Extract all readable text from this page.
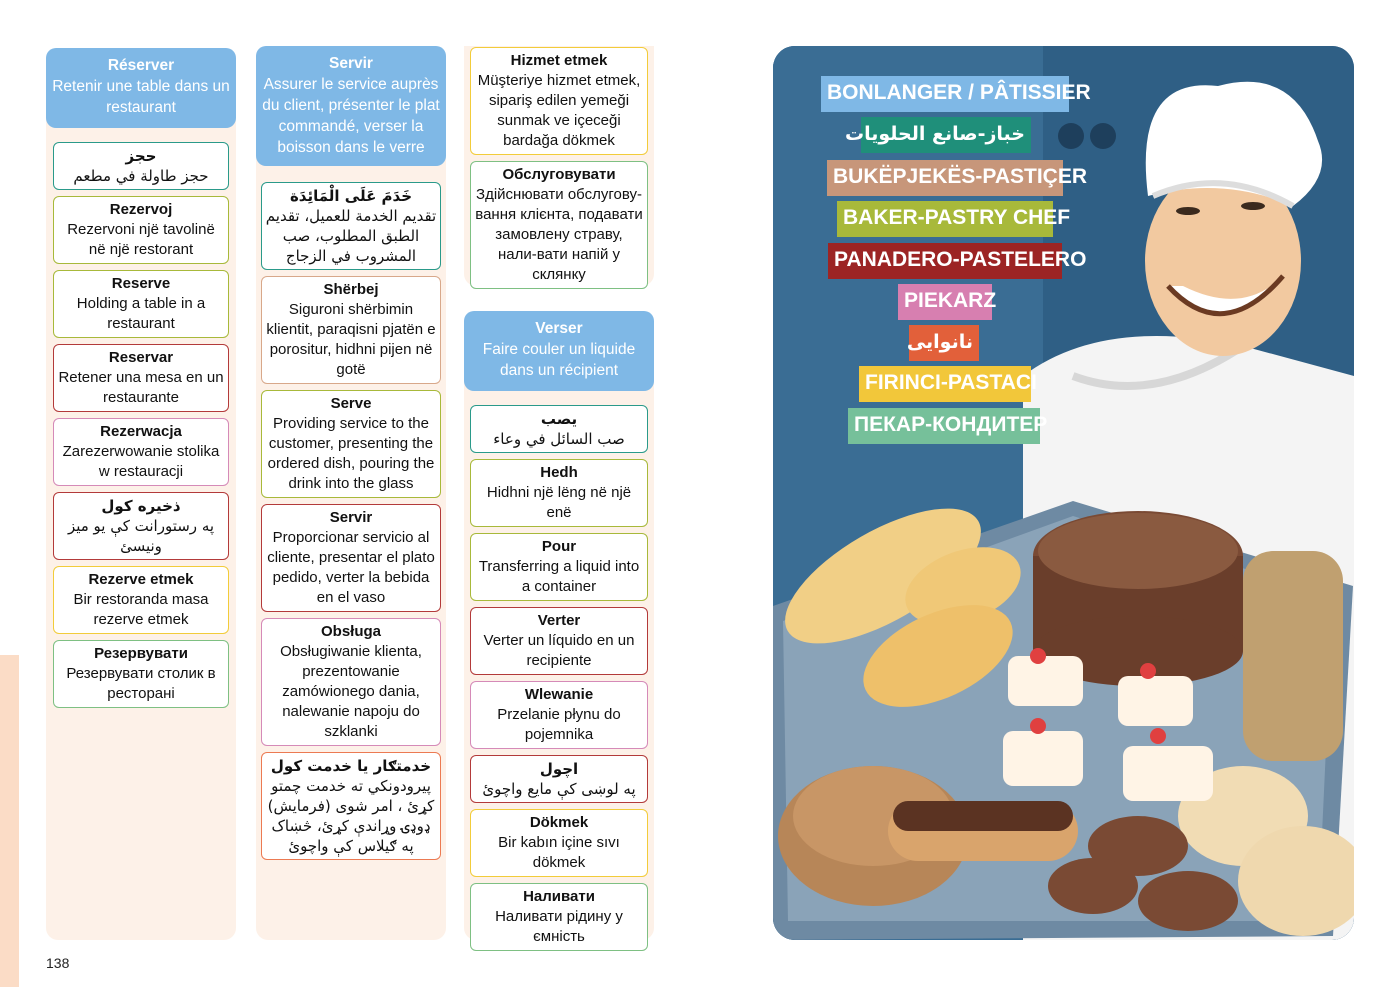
Réserver
Retenir une table dans un restaurant
حجز
حجز طاولة في مطعم
Rezervoj
Rezervoni një tavolinë në një restorant
Reserve
Holding a table in a restaurant
Reservar
Retener una mesa en un restaurante
Rezerwacja
Zarezerwowanie stolika w restauracji
ذخيره کول
په رستورانت کې يو ميز ونيسئ
Rezerve etmek
Bir restoranda masa rezerve etmek
Резервувати
Резервувати столик в ресторані
Servir
Assurer le service auprès du client, présenter le plat commandé, verser la boisson dans le verre
خَدَمَ عَلَى الْمَائِدَة
تقديم الخدمة للعميل، تقديم الطبق المطلوب، صب المشروب في الزجاج
Shërbej
Siguroni shërbimin klientit, paraqisni pjatën e porositur, hidhni pijen në gotë
Serve
Providing service to the customer, presenting the ordered dish, pouring the drink into the glass
Servir
Proporcionar servicio al cliente, presentar el plato pedido, verter la bebida en el vaso
Obsługa
Obsługiwanie klienta, prezentowanie zamówionego dania, nalewanie napoju do szklanki
خدمتګار يا خدمت کول
پيرودونکي ته خدمت چمتو کړئ ، امر شوی (فرمايش) ډوډۍ وړاندې کړئ، څښاک په ګيلاس کې واچوئ
Hizmet etmek
Müşteriye hizmet etmek, sipariş edilen yemeği sunmak ve içeceği bardağa dökmek
Обслуговувати
Здійснювати обслугову-вання клієнта, подавати замовлену страву, нали-вати напій у склянку
Verser
Faire couler un liquide dans un récipient
يصب
صب السائل في وعاء
Hedh
Hidhni një lëng në një enë
Pour
Transferring a liquid into a container
Verter
Verter un líquido en un recipiente
Wlewanie
Przelanie płynu do pojemnika
اچول
په لوښی کې مايع واچوئ
Dökmek
Bir kabın içine sıvı dökmek
Наливати
Наливати рідину у ємність
138
BONLANGER / PÂTISSIER
خباز-صانع الحلويات
BUKËPJEKËS-PASTIÇER
BAKER-PASTRY CHEF
PANADERO-PASTELERO
PIEKARZ
نانوايی
FIRINCI-PASTACI
ПЕКАР-КОНДИТЕР
